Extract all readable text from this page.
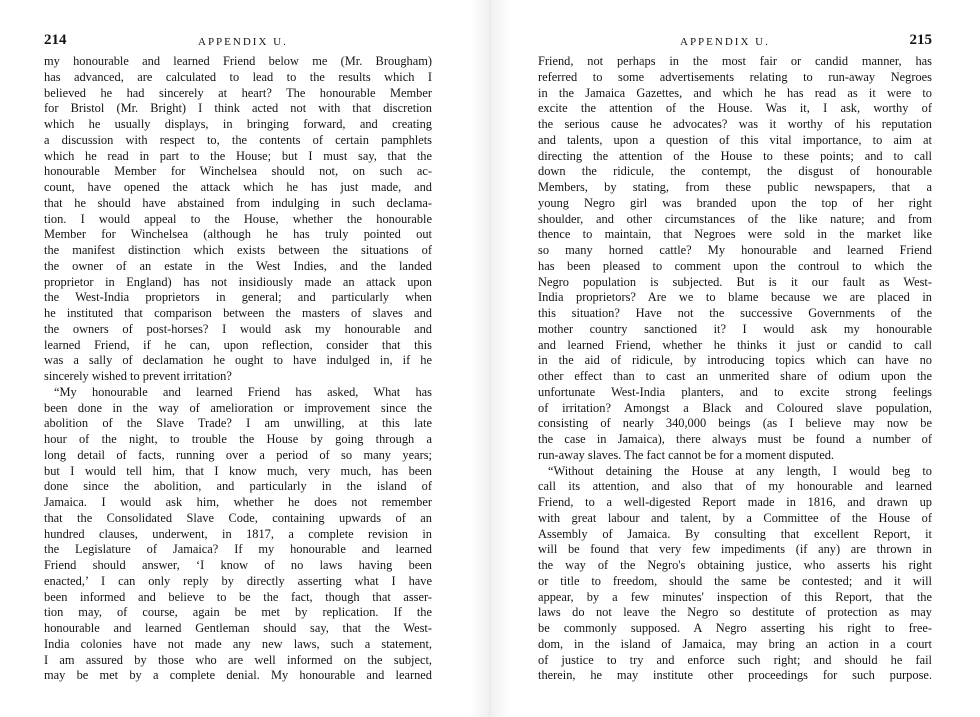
214	APPENDIX U.
my honourable and learned Friend below me (Mr. Brougham)
has advanced, are calculated to lead to the results which I
believed he had sincerely at heart? The honourable Member
for Bristol (Mr. Bright) I think acted not with that discretion
which he usually displays, in bringing forward, and creating
a discussion with respect to, the contents of certain pamphlets
which he read in part to the House; but I must say, that the
honourable Member for Winchelsea should not, on such ac-
count, have opened the attack which he has just made, and
that he should have abstained from indulging in such declama-
tion. I would appeal to the House, whether the honourable
Member for Winchelsea (although he has truly pointed out
the manifest distinction which exists between the situations of
the owner of an estate in the West Indies, and the landed
proprietor in England) has not insidiously made an attack upon
the West-India proprietors in general; and particularly when
he instituted that comparison between the masters of slaves and
the owners of post-horses? I would ask my honourable and
learned Friend, if he can, upon reflection, consider that this
was a sally of declamation he ought to have indulged in, if he
sincerely wished to prevent irritation?
“My honourable and learned Friend has asked, What has
been done in the way of amelioration or improvement since the
abolition of the Slave Trade? I am unwilling, at this late
hour of the night, to trouble the House by going through a
long detail of facts, running over a period of so many years;
but I would tell him, that I know much, very much, has been
done since the abolition, and particularly in the island of
Jamaica. I would ask him, whether he does not remember
that the Consolidated Slave Code, containing upwards of an
hundred clauses, underwent, in 1817, a complete revision in
the Legislature of Jamaica? If my honourable and learned
Friend should answer, ‘I know of no laws having been
enacted,’ I can only reply by directly asserting what I have
been informed and believe to be the fact, though that asser-
tion may, of course, again be met by replication. If the
honourable and learned Gentleman should say, that the West-
India colonies have not made any new laws, such a statement,
I am assured by those who are well informed on the subject,
may be met by a complete denial. My honourable and learned
APPENDIX U.	215
Friend, not perhaps in the most fair or candid manner, has
referred to some advertisements relating to run-away Negroes
in the Jamaica Gazettes, and which he has read as it were to
excite the attention of the House. Was it, I ask, worthy of
the serious cause he advocates? was it worthy of his reputation
and talents, upon a question of this vital importance, to aim at
directing the attention of the House to these points; and to call
down the ridicule, the contempt, the disgust of honourable
Members, by stating, from these public newspapers, that a
young Negro girl was branded upon the top of her right
shoulder, and other circumstances of the like nature; and from
thence to maintain, that Negroes were sold in the market like
so many horned cattle? My honourable and learned Friend
has been pleased to comment upon the controul to which the
Negro population is subjected. But is it our fault as West-
India proprietors? Are we to blame because we are placed in
this situation? Have not the successive Governments of the
mother country sanctioned it? I would ask my honourable
and learned Friend, whether he thinks it just or candid to call
in the aid of ridicule, by introducing topics which can have no
other effect than to cast an unmerited share of odium upon the
unfortunate West-India planters, and to excite strong feelings
of irritation? Amongst a Black and Coloured slave population,
consisting of nearly 340,000 beings (as I believe may now be
the case in Jamaica), there always must be found a number of
run-away slaves. The fact cannot be for a moment disputed.
“Without detaining the House at any length, I would beg to
call its attention, and also that of my honourable and learned
Friend, to a well-digested Report made in 1816, and drawn up
with great labour and talent, by a Committee of the House of
Assembly of Jamaica. By consulting that excellent Report, it
will be found that very few impediments (if any) are thrown in
the way of the Negro's obtaining justice, who asserts his right
or title to freedom, should the same be contested; and it will
appear, by a few minutes' inspection of this Report, that the
laws do not leave the Negro so destitute of protection as may
be commonly supposed. A Negro asserting his right to free-
dom, in the island of Jamaica, may bring an action in a court
of justice to try and enforce such right; and should he fail
therein, he may institute other proceedings for such purpose.
